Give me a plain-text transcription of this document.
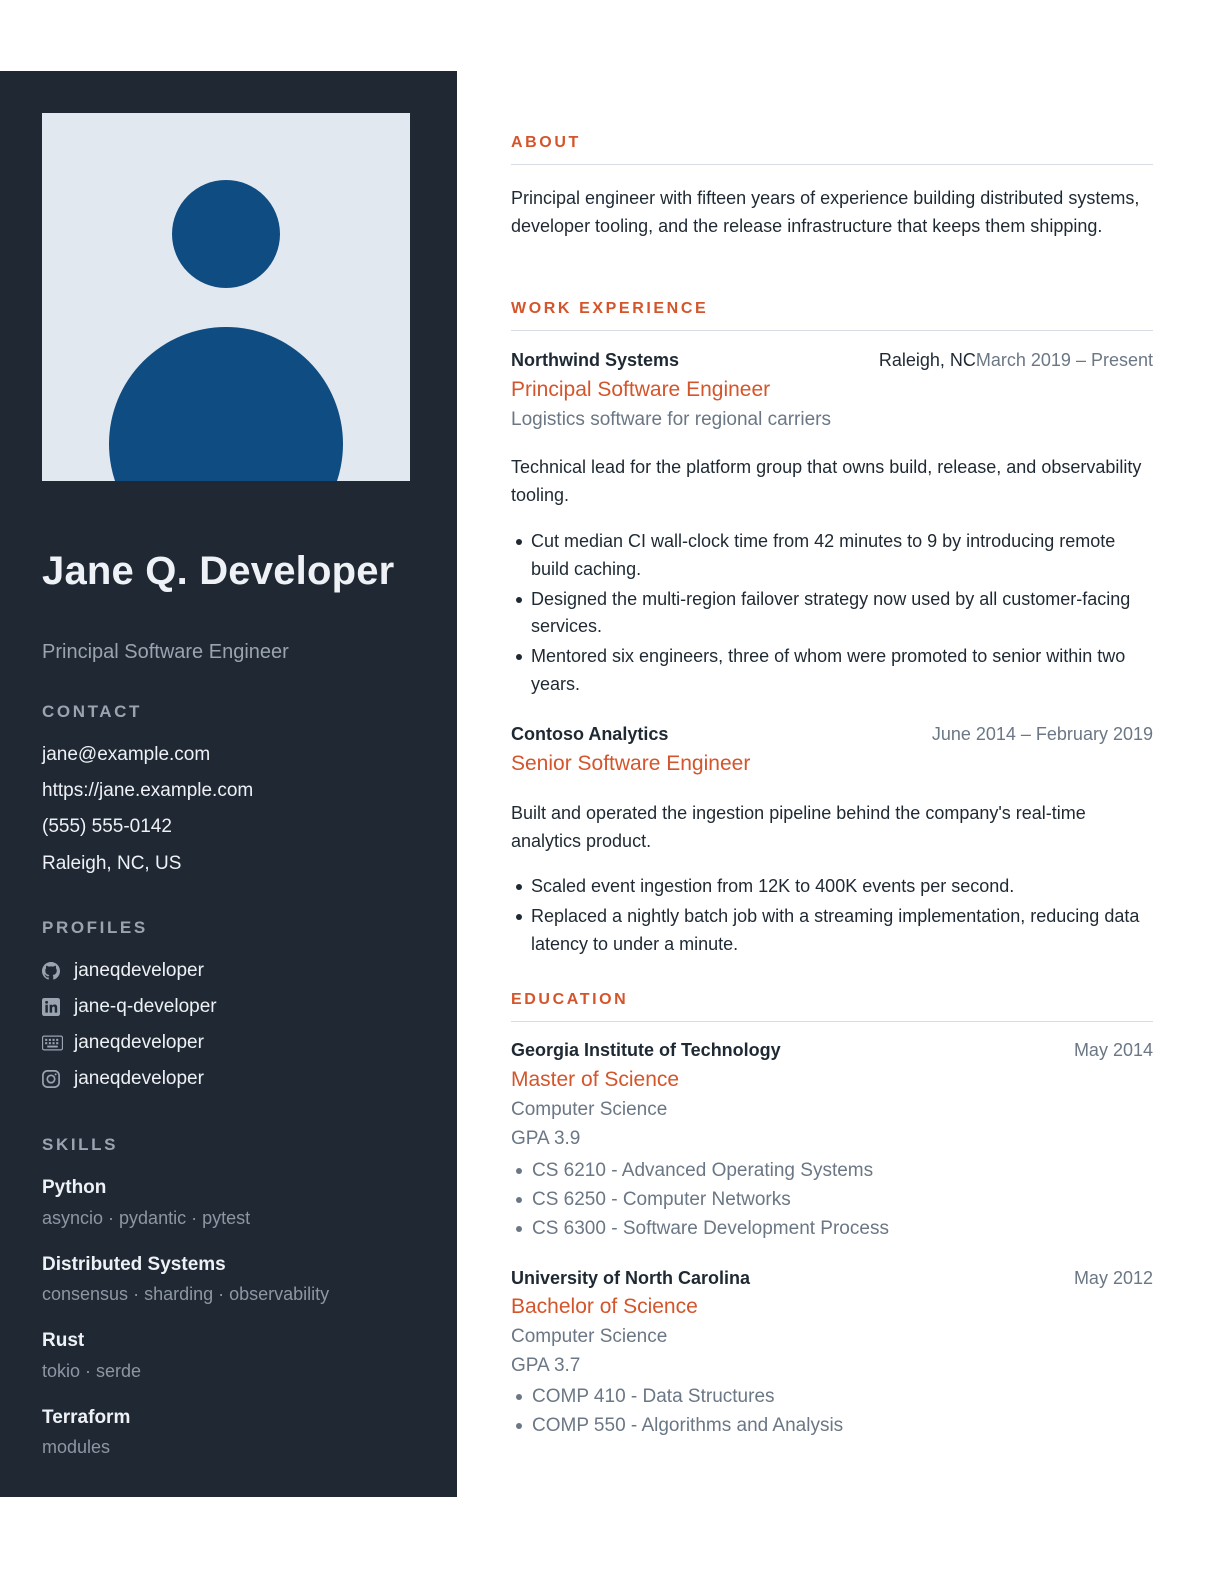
Jane Q. Developer
Principal Software Engineer
CONTACT
jane@example.com
https://jane.example.com
(555) 555-0142
Raleigh, NC, US
PROFILES
janeqdeveloper
jane-q-developer
janeqdeveloper
janeqdeveloper
SKILLS
Python
asyncio · pydantic · pytest
Distributed Systems
consensus · sharding · observability
Rust
tokio · serde
Terraform
modules
ABOUT

Principal engineer with fifteen years of experience building distributed systems, developer tooling, and the release infrastructure that keeps them shipping.

WORK EXPERIENCE
Northwind Systems	Raleigh, NC March 2019 – Present
Principal Software Engineer
Logistics software for regional carriers

Technical lead for the platform group that owns build, release, and observability tooling.

Cut median CI wall-clock time from 42 minutes to 9 by introducing remote build caching.
Designed the multi-region failover strategy now used by all customer-facing services.
Mentored six engineers, three of whom were promoted to senior within two years.
Contoso Analytics	June 2014 – February 2019
Senior Software Engineer

Built and operated the ingestion pipeline behind the company's real-time analytics product.

Scaled event ingestion from 12K to 400K events per second.
Replaced a nightly batch job with a streaming implementation, reducing data latency to under a minute.
EDUCATION
Georgia Institute of Technology	May 2014
Master of Science
Computer Science
GPA 3.9
CS 6210 - Advanced Operating Systems
CS 6250 - Computer Networks
CS 6300 - Software Development Process
University of North Carolina	May 2012
Bachelor of Science
Computer Science
GPA 3.7
COMP 410 - Data Structures
COMP 550 - Algorithms and Analysis
